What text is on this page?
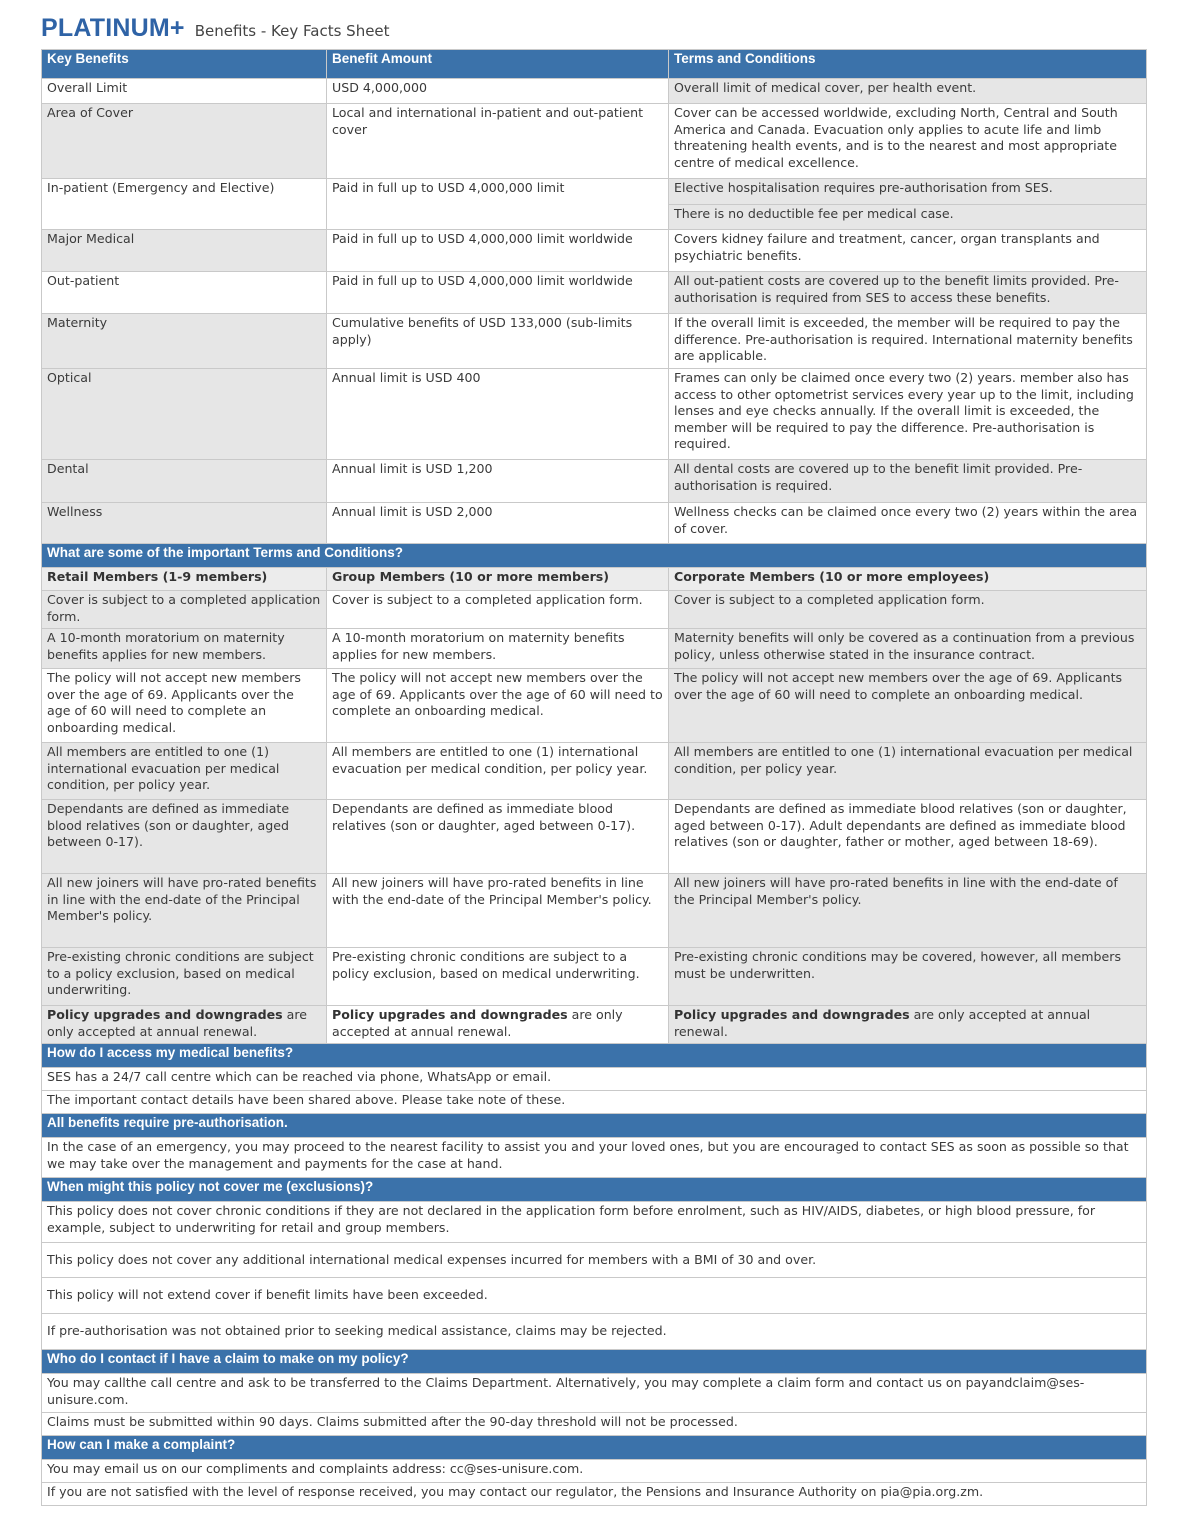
PLATINUM+ Benefits - Key Facts Sheet
Key Benefits	Benefit Amount	Terms and Conditions
Overall Limit	USD 4,000,000	Overall limit of medical cover, per health event.
Area of Cover	Local and international in-patient and out-patient cover	Cover can be accessed worldwide, excluding North, Central and South America and Canada. Evacuation only applies to acute life and limb threatening health events, and is to the nearest and most appropriate centre of medical excellence.
In-patient (Emergency and Elective)	Paid in full up to USD 4,000,000 limit	Elective hospitalisation requires pre-authorisation from SES.
		There is no deductible fee per medical case.
Major Medical	Paid in full up to USD 4,000,000 limit worldwide	Covers kidney failure and treatment, cancer, organ transplants and psychiatric benefits.
Out-patient	Paid in full up to USD 4,000,000 limit worldwide	All out-patient costs are covered up to the benefit limits provided. Pre-authorisation is required from SES to access these benefits.
Maternity	Cumulative benefits of USD 133,000 (sub-limits apply)	If the overall limit is exceeded, the member will be required to pay the difference. Pre-authorisation is required. International maternity benefits are applicable.
Optical	Annual limit is USD 400	Frames can only be claimed once every two (2) years. member also has access to other optometrist services every year up to the limit, including lenses and eye checks annually. If the overall limit is exceeded, the member will be required to pay the difference. Pre-authorisation is required.
Dental	Annual limit is USD 1,200	All dental costs are covered up to the benefit limit provided. Pre-authorisation is required.
Wellness	Annual limit is USD 2,000	Wellness checks can be claimed once every two (2) years within the area of cover.
What are some of the important Terms and Conditions?		
Retail Members (1-9 members)	Group Members (10 or more members)	Corporate Members (10 or more employees)
Cover is subject to a completed application form.	Cover is subject to a completed application form.	Cover is subject to a completed application form.
A 10-month moratorium on maternity benefits applies for new members.	A 10-month moratorium on maternity benefits applies for new members.	Maternity benefits will only be covered as a continuation from a previous policy, unless otherwise stated in the insurance contract.
The policy will not accept new members over the age of 69. Applicants over the age of 60 will need to complete an onboarding medical.	The policy will not accept new members over the age of 69. Applicants over the age of 60 will need to complete an onboarding medical.	The policy will not accept new members over the age of 69. Applicants over the age of 60 will need to complete an onboarding medical.
All members are entitled to one (1) international evacuation per medical condition, per policy year.	All members are entitled to one (1) international evacuation per medical condition, per policy year.	All members are entitled to one (1) international evacuation per medical condition, per policy year.
Dependants are defined as immediate blood relatives (son or daughter, aged between 0-17).	Dependants are defined as immediate blood relatives (son or daughter, aged between 0-17).	Dependants are defined as immediate blood relatives (son or daughter, aged between 0-17). Adult dependants are defined as immediate blood relatives (son or daughter, father or mother, aged between 18-69).
All new joiners will have pro-rated benefits in line with the end-date of the Principal Member's policy.	All new joiners will have pro-rated benefits in line with the end-date of the Principal Member's policy.	All new joiners will have pro-rated benefits in line with the end-date of the Principal Member's policy.
Pre-existing chronic conditions are subject to a policy exclusion, based on medical underwriting.	Pre-existing chronic conditions are subject to a policy exclusion, based on medical underwriting.	Pre-existing chronic conditions may be covered, however, all members must be underwritten.
Policy upgrades and downgrades are only accepted at annual renewal.	Policy upgrades and downgrades are only accepted at annual renewal.	Policy upgrades and downgrades are only accepted at annual renewal.
How do I access my medical benefits?		
SES has a 24/7 call centre which can be reached via phone, WhatsApp or email.		
The important contact details have been shared above. Please take note of these.		
All benefits require pre-authorisation.		
In the case of an emergency, you may proceed to the nearest facility to assist you and your loved ones, but you are encouraged to contact SES as soon as possible so that we may take over the management and payments for the case at hand.		
When might this policy not cover me (exclusions)?		
This policy does not cover chronic conditions if they are not declared in the application form before enrolment, such as HIV/AIDS, diabetes, or high blood pressure, for example, subject to underwriting for retail and group members.		
This policy does not cover any additional international medical expenses incurred for members with a BMI of 30 and over.		
This policy will not extend cover if benefit limits have been exceeded.		
If pre-authorisation was not obtained prior to seeking medical assistance, claims may be rejected.		
Who do I contact if I have a claim to make on my policy?		
You may callthe call centre and ask to be transferred to the Claims Department. Alternatively, you may complete a claim form and contact us on payandclaim@ses-unisure.com.		
Claims must be submitted within 90 days. Claims submitted after the 90-day threshold will not be processed.		
How can I make a complaint?		
You may email us on our compliments and complaints address: cc@ses-unisure.com.		
If you are not satisfied with the level of response received, you may contact our regulator, the Pensions and Insurance Authority on pia@pia.org.zm.		
